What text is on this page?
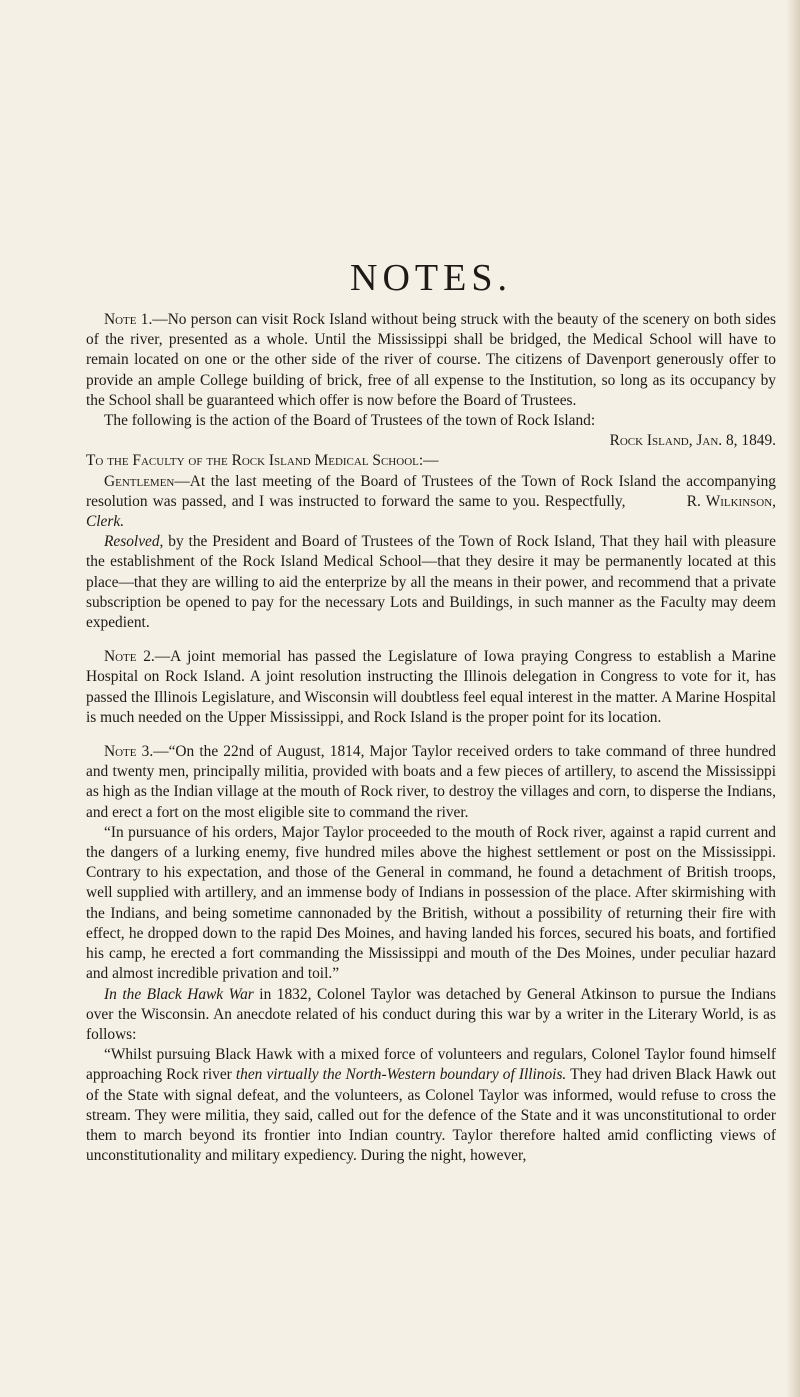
NOTES.

Note 1.—No person can visit Rock Island without being struck with the beauty of the scenery on both sides of the river, presented as a whole. Until the Mississippi shall be bridged, the Medical School will have to remain located on one or the other side of the river of course. The citizens of Davenport generously offer to provide an ample College building of brick, free of all expense to the Institution, so long as its occupancy by the School shall be guaranteed which offer is now before the Board of Trustees.

The following is the action of the Board of Trustees of the town of Rock Island:

Rock Island, Jan. 8, 1849.

To the Faculty of the Rock Island Medical School:—

Gentlemen—At the last meeting of the Board of Trustees of the Town of Rock Island the accompanying resolution was passed, and I was instructed to forward the same to you. Respectfully,	R. Wilkinson, Clerk.

Resolved, by the President and Board of Trustees of the Town of Rock Island, That they hail with pleasure the establishment of the Rock Island Medical School—that they desire it may be permanently located at this place—that they are willing to aid the enterprize by all the means in their power, and recommend that a private subscription be opened to pay for the necessary Lots and Buildings, in such manner as the Faculty may deem expedient.

Note 2.—A joint memorial has passed the Legislature of Iowa praying Congress to establish a Marine Hospital on Rock Island. A joint resolution instructing the Illinois delegation in Congress to vote for it, has passed the Illinois Legislature, and Wisconsin will doubtless feel equal interest in the matter. A Marine Hospital is much needed on the Upper Mississippi, and Rock Island is the proper point for its location.

Note 3.—“On the 22nd of August, 1814, Major Taylor received orders to take command of three hundred and twenty men, principally militia, provided with boats and a few pieces of artillery, to ascend the Mississippi as high as the Indian village at the mouth of Rock river, to destroy the villages and corn, to disperse the Indians, and erect a fort on the most eligible site to command the river.

“In pursuance of his orders, Major Taylor proceeded to the mouth of Rock river, against a rapid current and the dangers of a lurking enemy, five hundred miles above the highest settlement or post on the Mississippi. Contrary to his expectation, and those of the General in command, he found a detachment of British troops, well supplied with artillery, and an immense body of Indians in possession of the place. After skirmishing with the Indians, and being sometime cannonaded by the British, without a possibility of returning their fire with effect, he dropped down to the rapid Des Moines, and having landed his forces, secured his boats, and fortified his camp, he erected a fort commanding the Mississippi and mouth of the Des Moines, under peculiar hazard and almost incredible privation and toil.”

In the Black Hawk War in 1832, Colonel Taylor was detached by General Atkinson to pursue the Indians over the Wisconsin. An anecdote related of his conduct during this war by a writer in the Literary World, is as follows:

“Whilst pursuing Black Hawk with a mixed force of volunteers and regulars, Colonel Taylor found himself approaching Rock river then virtually the North-Western boundary of Illinois. They had driven Black Hawk out of the State with signal defeat, and the volunteers, as Colonel Taylor was informed, would refuse to cross the stream. They were militia, they said, called out for the defence of the State and it was unconstitutional to order them to march beyond its frontier into Indian country. Taylor therefore halted amid conflicting views of unconstitutionality and military expediency. During the night, however,
